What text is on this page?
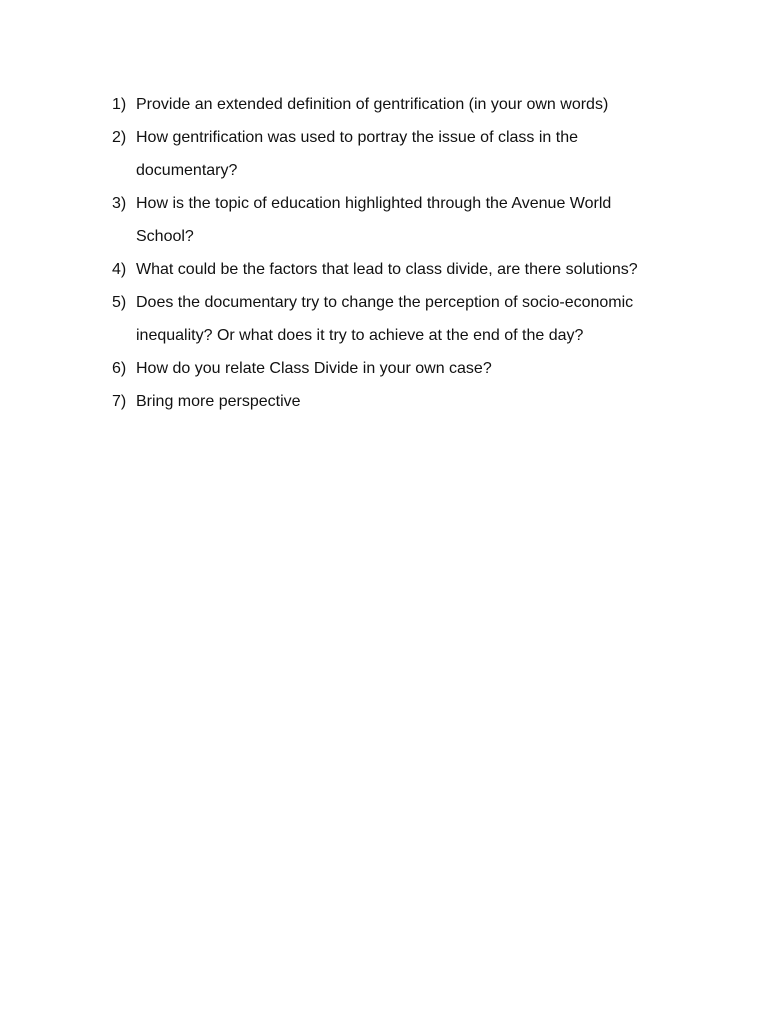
1) Provide an extended definition of gentrification (in your own words)
2) How gentrification was used to portray the issue of class in the documentary?
3) How is the topic of education highlighted through the Avenue World School?
4) What could be the factors that lead to class divide, are there solutions?
5) Does the documentary try to change the perception of socio-economic inequality? Or what does it try to achieve at the end of the day?
6) How do you relate Class Divide in your own case?
7) Bring more perspective
